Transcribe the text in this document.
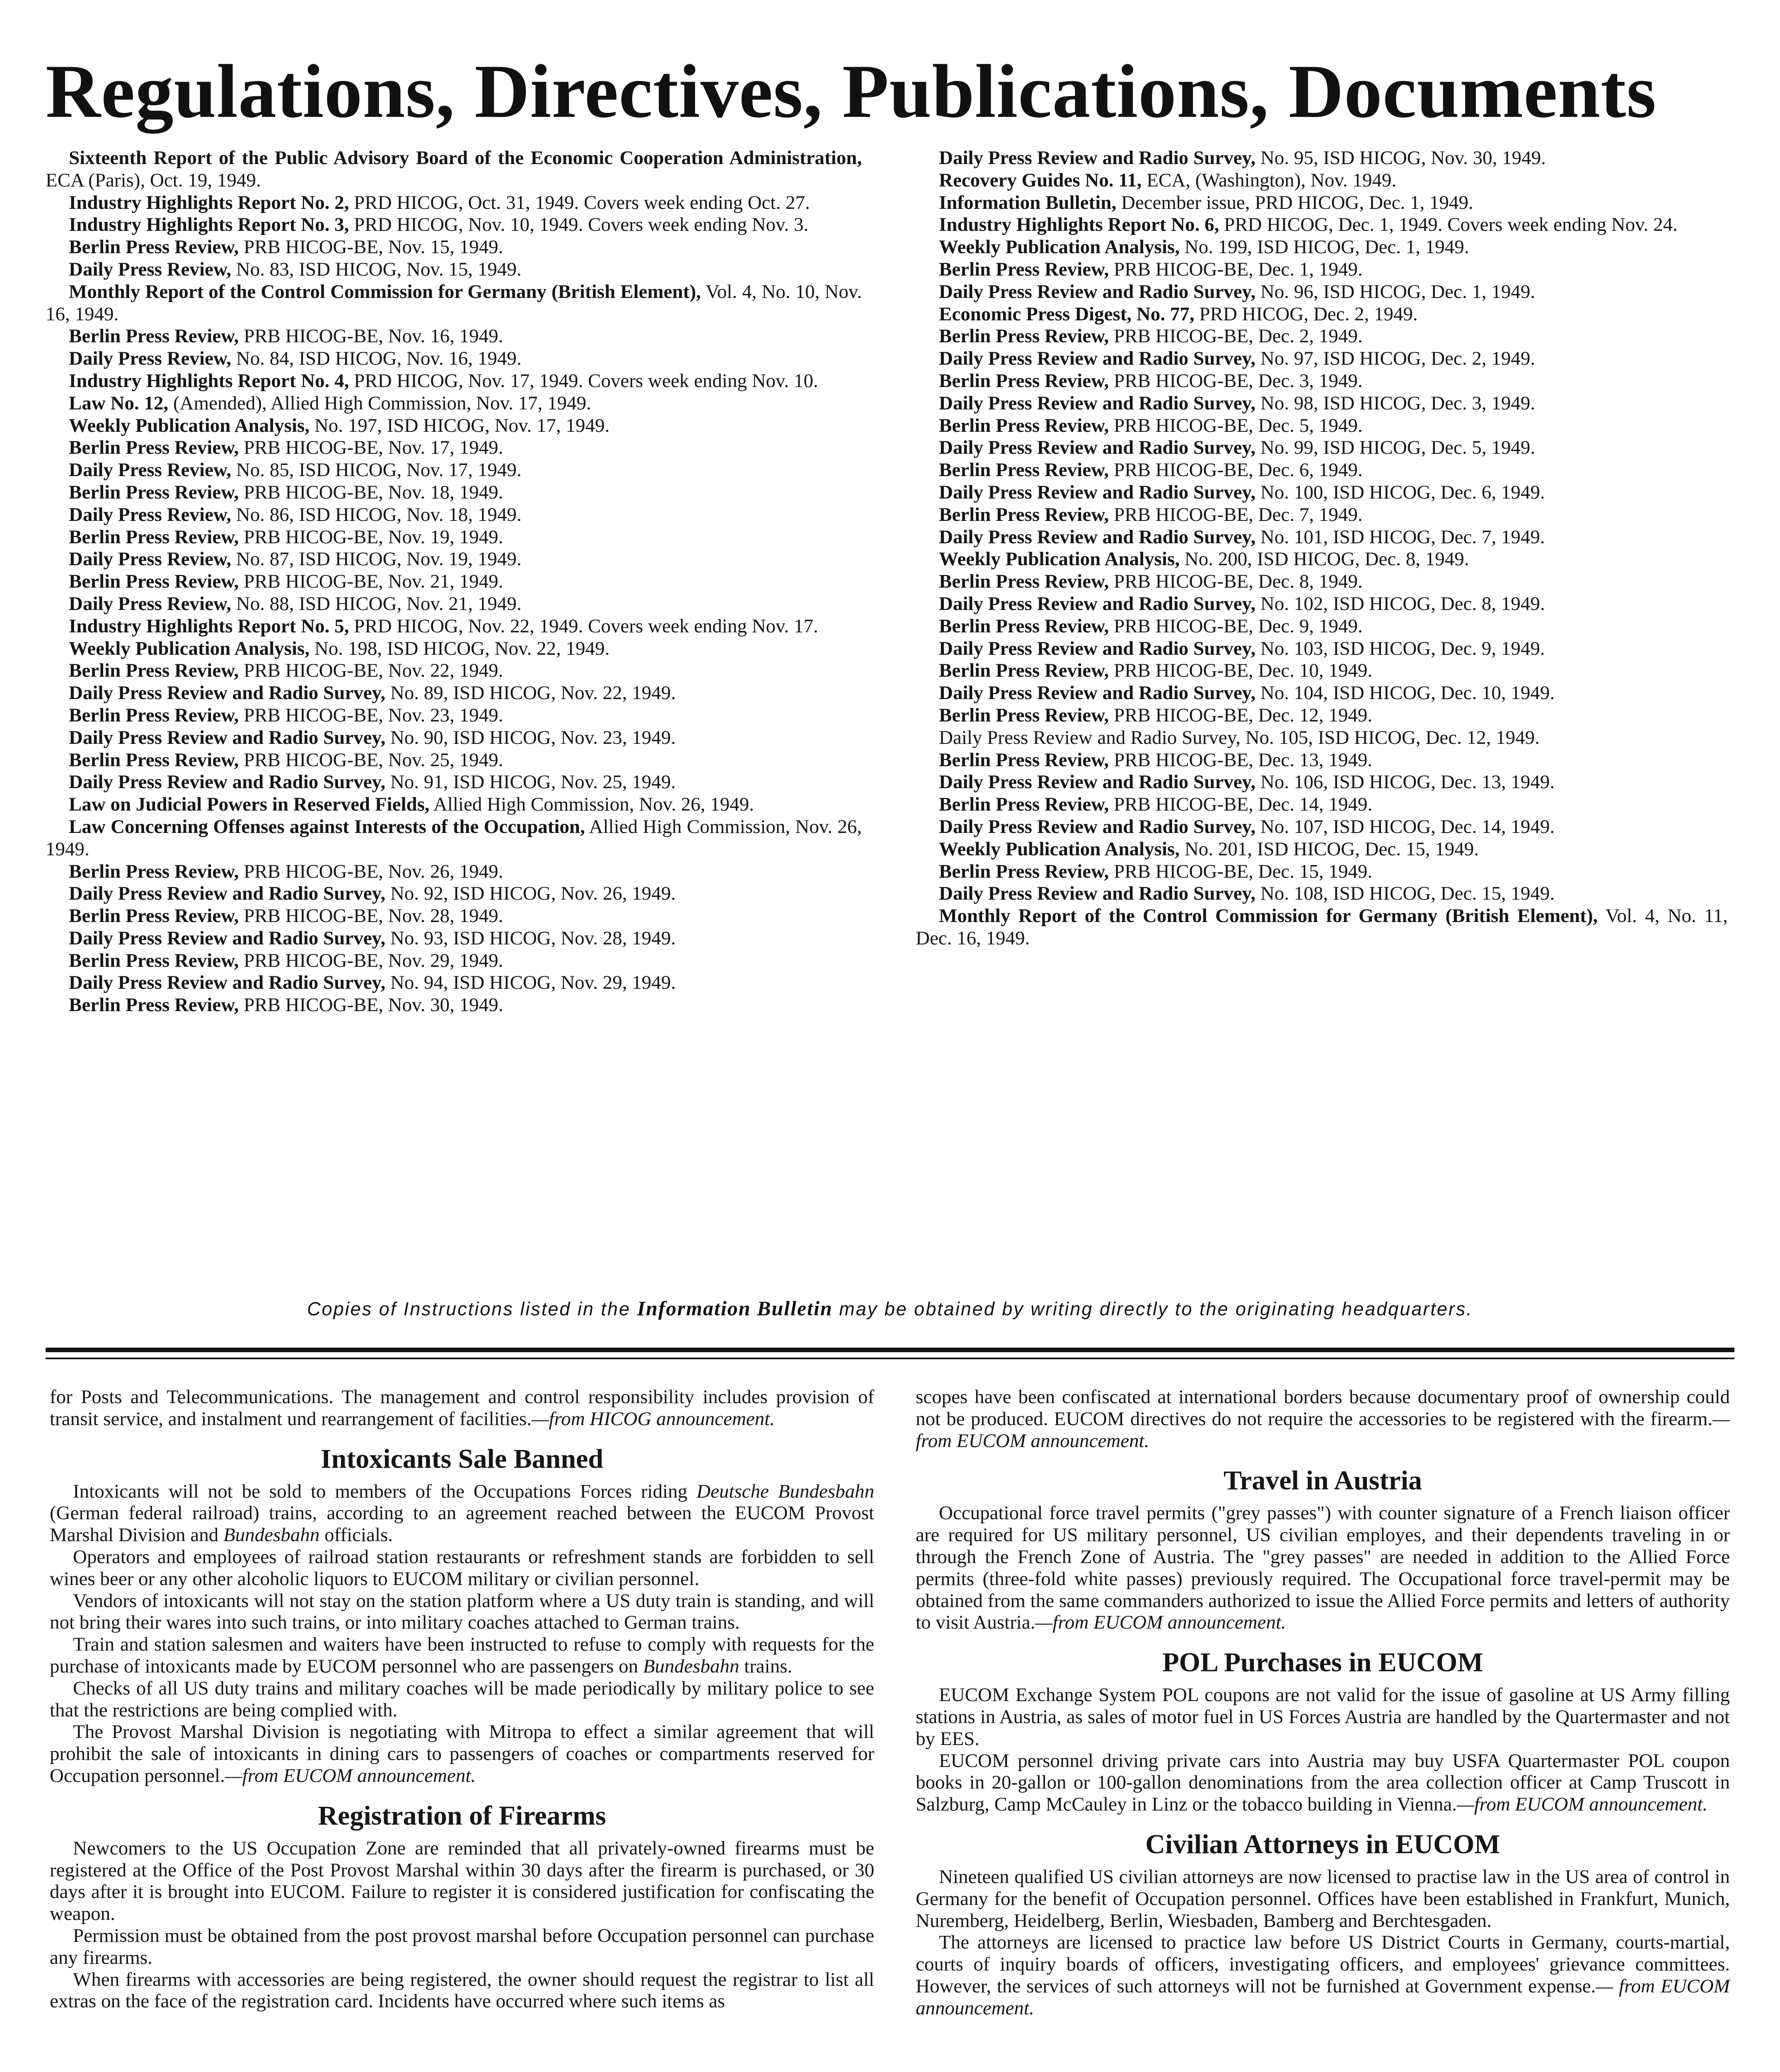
Regulations, Directives, Publications, Documents

Sixteenth Report of the Public Advisory Board of the Economic Cooperation Administration, ECA (Paris), Oct. 19, 1949.

Industry Highlights Report No. 2, PRD HICOG, Oct. 31, 1949. Covers week ending Oct. 27.

Industry Highlights Report No. 3, PRD HICOG, Nov. 10, 1949. Covers week ending Nov. 3.

Berlin Press Review, PRB HICOG-BE, Nov. 15, 1949.

Daily Press Review, No. 83, ISD HICOG, Nov. 15, 1949.

Monthly Report of the Control Commission for Germany (British Element), Vol. 4, No. 10, Nov. 16, 1949.

Berlin Press Review, PRB HICOG-BE, Nov. 16, 1949.

Daily Press Review, No. 84, ISD HICOG, Nov. 16, 1949.

Industry Highlights Report No. 4, PRD HICOG, Nov. 17, 1949. Covers week ending Nov. 10.

Law No. 12, (Amended), Allied High Commission, Nov. 17, 1949.

Weekly Publication Analysis, No. 197, ISD HICOG, Nov. 17, 1949.

Berlin Press Review, PRB HICOG-BE, Nov. 17, 1949.

Daily Press Review, No. 85, ISD HICOG, Nov. 17, 1949.

Berlin Press Review, PRB HICOG-BE, Nov. 18, 1949.

Daily Press Review, No. 86, ISD HICOG, Nov. 18, 1949.

Berlin Press Review, PRB HICOG-BE, Nov. 19, 1949.

Daily Press Review, No. 87, ISD HICOG, Nov. 19, 1949.

Berlin Press Review, PRB HICOG-BE, Nov. 21, 1949.

Daily Press Review, No. 88, ISD HICOG, Nov. 21, 1949.

Industry Highlights Report No. 5, PRD HICOG, Nov. 22, 1949. Covers week ending Nov. 17.

Weekly Publication Analysis, No. 198, ISD HICOG, Nov. 22, 1949.

Berlin Press Review, PRB HICOG-BE, Nov. 22, 1949.

Daily Press Review and Radio Survey, No. 89, ISD HICOG, Nov. 22, 1949.

Berlin Press Review, PRB HICOG-BE, Nov. 23, 1949.

Daily Press Review and Radio Survey, No. 90, ISD HICOG, Nov. 23, 1949.

Berlin Press Review, PRB HICOG-BE, Nov. 25, 1949.

Daily Press Review and Radio Survey, No. 91, ISD HICOG, Nov. 25, 1949.

Law on Judicial Powers in Reserved Fields, Allied High Commission, Nov. 26, 1949.

Law Concerning Offenses against Interests of the Occupation, Allied High Commission, Nov. 26, 1949.

Berlin Press Review, PRB HICOG-BE, Nov. 26, 1949.

Daily Press Review and Radio Survey, No. 92, ISD HICOG, Nov. 26, 1949.

Berlin Press Review, PRB HICOG-BE, Nov. 28, 1949.

Daily Press Review and Radio Survey, No. 93, ISD HICOG, Nov. 28, 1949.

Berlin Press Review, PRB HICOG-BE, Nov. 29, 1949.

Daily Press Review and Radio Survey, No. 94, ISD HICOG, Nov. 29, 1949.

Berlin Press Review, PRB HICOG-BE, Nov. 30, 1949.

Daily Press Review and Radio Survey, No. 95, ISD HICOG, Nov. 30, 1949.

Recovery Guides No. 11, ECA, (Washington), Nov. 1949.

Information Bulletin, December issue, PRD HICOG, Dec. 1, 1949.

Industry Highlights Report No. 6, PRD HICOG, Dec. 1, 1949. Covers week ending Nov. 24.

Weekly Publication Analysis, No. 199, ISD HICOG, Dec. 1, 1949.

Berlin Press Review, PRB HICOG-BE, Dec. 1, 1949.

Daily Press Review and Radio Survey, No. 96, ISD HICOG, Dec. 1, 1949.

Economic Press Digest, No. 77, PRD HICOG, Dec. 2, 1949.

Berlin Press Review, PRB HICOG-BE, Dec. 2, 1949.

Daily Press Review and Radio Survey, No. 97, ISD HICOG, Dec. 2, 1949.

Berlin Press Review, PRB HICOG-BE, Dec. 3, 1949.

Daily Press Review and Radio Survey, No. 98, ISD HICOG, Dec. 3, 1949.

Berlin Press Review, PRB HICOG-BE, Dec. 5, 1949.

Daily Press Review and Radio Survey, No. 99, ISD HICOG, Dec. 5, 1949.

Berlin Press Review, PRB HICOG-BE, Dec. 6, 1949.

Daily Press Review and Radio Survey, No. 100, ISD HICOG, Dec. 6, 1949.

Berlin Press Review, PRB HICOG-BE, Dec. 7, 1949.

Daily Press Review and Radio Survey, No. 101, ISD HICOG, Dec. 7, 1949.

Weekly Publication Analysis, No. 200, ISD HICOG, Dec. 8, 1949.

Berlin Press Review, PRB HICOG-BE, Dec. 8, 1949.

Daily Press Review and Radio Survey, No. 102, ISD HICOG, Dec. 8, 1949.

Berlin Press Review, PRB HICOG-BE, Dec. 9, 1949.

Daily Press Review and Radio Survey, No. 103, ISD HICOG, Dec. 9, 1949.

Berlin Press Review, PRB HICOG-BE, Dec. 10, 1949.

Daily Press Review and Radio Survey, No. 104, ISD HICOG, Dec. 10, 1949.

Berlin Press Review, PRB HICOG-BE, Dec. 12, 1949.

Daily Press Review and Radio Survey, No. 105, ISD HICOG, Dec. 12, 1949.

Berlin Press Review, PRB HICOG-BE, Dec. 13, 1949.

Daily Press Review and Radio Survey, No. 106, ISD HICOG, Dec. 13, 1949.

Berlin Press Review, PRB HICOG-BE, Dec. 14, 1949.

Daily Press Review and Radio Survey, No. 107, ISD HICOG, Dec. 14, 1949.

Weekly Publication Analysis, No. 201, ISD HICOG, Dec. 15, 1949.

Berlin Press Review, PRB HICOG-BE, Dec. 15, 1949.

Daily Press Review and Radio Survey, No. 108, ISD HICOG, Dec. 15, 1949.

Monthly Report of the Control Commission for Germany (British Element), Vol. 4, No. 11, Dec. 16, 1949.

Copies of Instructions listed in the Information Bulletin may be obtained by writing directly to the originating headquarters.

for Posts and Telecommunications. The management and control responsibility includes provision of transit service, and instalment und rearrangement of facilities.—from HICOG announcement.

Intoxicants Sale Banned

Intoxicants will not be sold to members of the Occupations Forces riding Deutsche Bundesbahn (German federal railroad) trains, according to an agreement reached between the EUCOM Provost Marshal Division and Bundesbahn officials.

Operators and employees of railroad station restaurants or refreshment stands are forbidden to sell wines beer or any other alcoholic liquors to EUCOM military or civilian personnel.

Vendors of intoxicants will not stay on the station platform where a US duty train is standing, and will not bring their wares into such trains, or into military coaches attached to German trains.

Train and station salesmen and waiters have been instructed to refuse to comply with requests for the purchase of intoxicants made by EUCOM personnel who are passengers on Bundesbahn trains.

Checks of all US duty trains and military coaches will be made periodically by military police to see that the restrictions are being complied with.

The Provost Marshal Division is negotiating with Mitropa to effect a similar agreement that will prohibit the sale of intoxicants in dining cars to passengers of coaches or compartments reserved for Occupation personnel.—from EUCOM announcement.

Registration of Firearms

Newcomers to the US Occupation Zone are reminded that all privately-owned firearms must be registered at the Office of the Post Provost Marshal within 30 days after the firearm is purchased, or 30 days after it is brought into EUCOM. Failure to register it is considered justification for confiscating the weapon.

Permission must be obtained from the post provost marshal before Occupation personnel can purchase any firearms.

When firearms with accessories are being registered, the owner should request the registrar to list all extras on the face of the registration card. Incidents have occurred where such items as

scopes have been confiscated at international borders because documentary proof of ownership could not be produced. EUCOM directives do not require the accessories to be registered with the firearm.—from EUCOM announcement.

Travel in Austria

Occupational force travel permits ("grey passes") with counter signature of a French liaison officer are required for US military personnel, US civilian employes, and their dependents traveling in or through the French Zone of Austria. The "grey passes" are needed in addition to the Allied Force permits (three-fold white passes) previously required. The Occupational force travel-permit may be obtained from the same commanders authorized to issue the Allied Force permits and letters of authority to visit Austria.—from EUCOM announcement.

POL Purchases in EUCOM

EUCOM Exchange System POL coupons are not valid for the issue of gasoline at US Army filling stations in Austria, as sales of motor fuel in US Forces Austria are handled by the Quartermaster and not by EES.

EUCOM personnel driving private cars into Austria may buy USFA Quartermaster POL coupon books in 20-gallon or 100-gallon denominations from the area collection officer at Camp Truscott in Salzburg, Camp McCauley in Linz or the tobacco building in Vienna.—from EUCOM announcement.

Civilian Attorneys in EUCOM

Nineteen qualified US civilian attorneys are now licensed to practise law in the US area of control in Germany for the benefit of Occupation personnel. Offices have been established in Frankfurt, Munich, Nuremberg, Heidelberg, Berlin, Wiesbaden, Bamberg and Berchtesgaden.

The attorneys are licensed to practice law before US District Courts in Germany, courts-martial, courts of inquiry boards of officers, investigating officers, and employees' grievance committees. However, the services of such attorneys will not be furnished at Government expense.— from EUCOM announcement.
